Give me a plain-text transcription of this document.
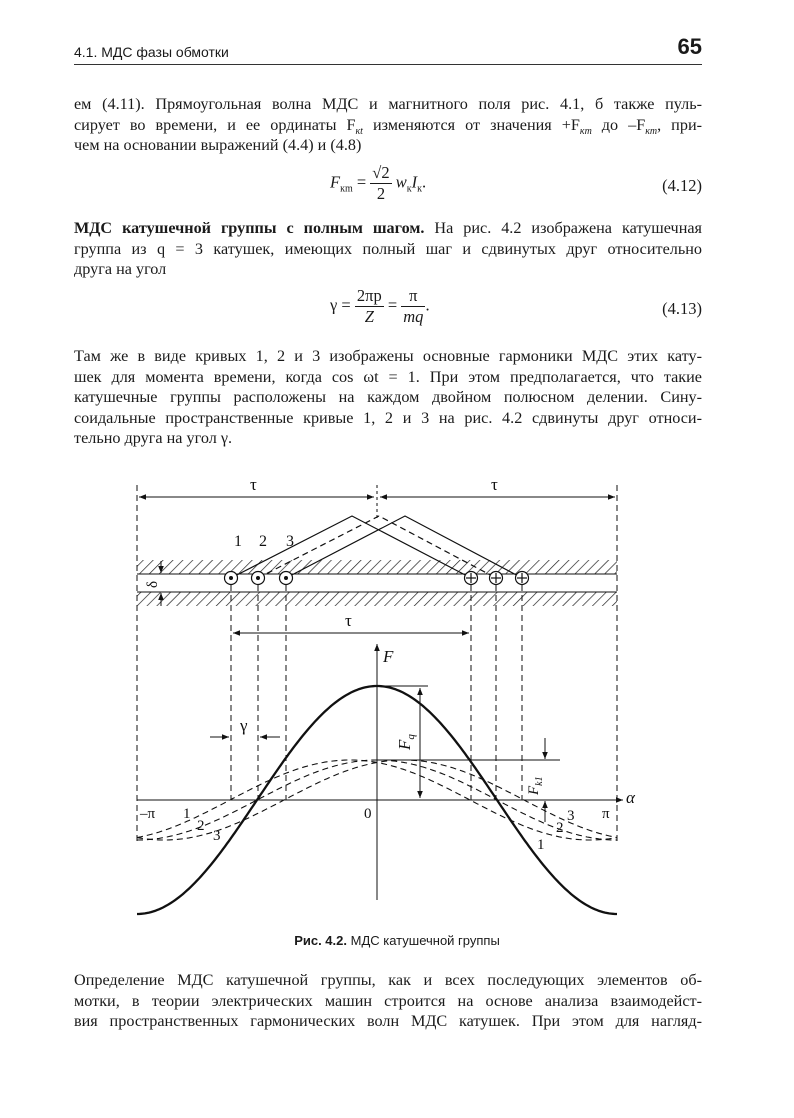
4.1. МДС фазы обмотки	65
ем (4.11). Прямоугольная волна МДС и магнитного поля рис. 4.1, б также пуль-
сирует во времени, и ее ординаты $F_{кt}$ изменяются от значения $+F_{кm}$ до $-F_{кm}$, при-
чем на основании выражений (4.4) и (4.8)
$F_{кm} = \frac{√2}{2} w_кI_к$.	(4.12)
МДС катушечной группы с полным шагом. На рис. 4.2 изображена катушечная
группа из q = 3 катушек, имеющих полный шаг и сдвинутых друг относительно
друга на угол
$\gamma = \frac{2\pi p}{Z} = \frac{\pi}{mq}$ .	(4.13)
Там же в виде кривых 1, 2 и 3 изображены основные гармоники МДС этих кату-
шек для момента времени, когда cos ωt = 1. При этом предполагается, что такие
катушечные группы расположены на каждом двойном полюсном делении. Сину-
соидальные пространственные кривые 1, 2 и 3 на рис. 4.2 сдвинуты друг относи-
тельно друга на угол γ.
τ	τ
τ
1 2 3
δ
γ
F
α
0
–π	π
$F_q$
$F_{k1}$
1
2
3
3
2
1
Рис. 4.2. МДС катушечной группы
Определение МДС катушечной группы, как и всех последующих элементов об-
мотки, в теории электрических машин строится на основе анализа взаимодейст-
вия пространственных гармонических волн МДС катушек. При этом для нагляд-
